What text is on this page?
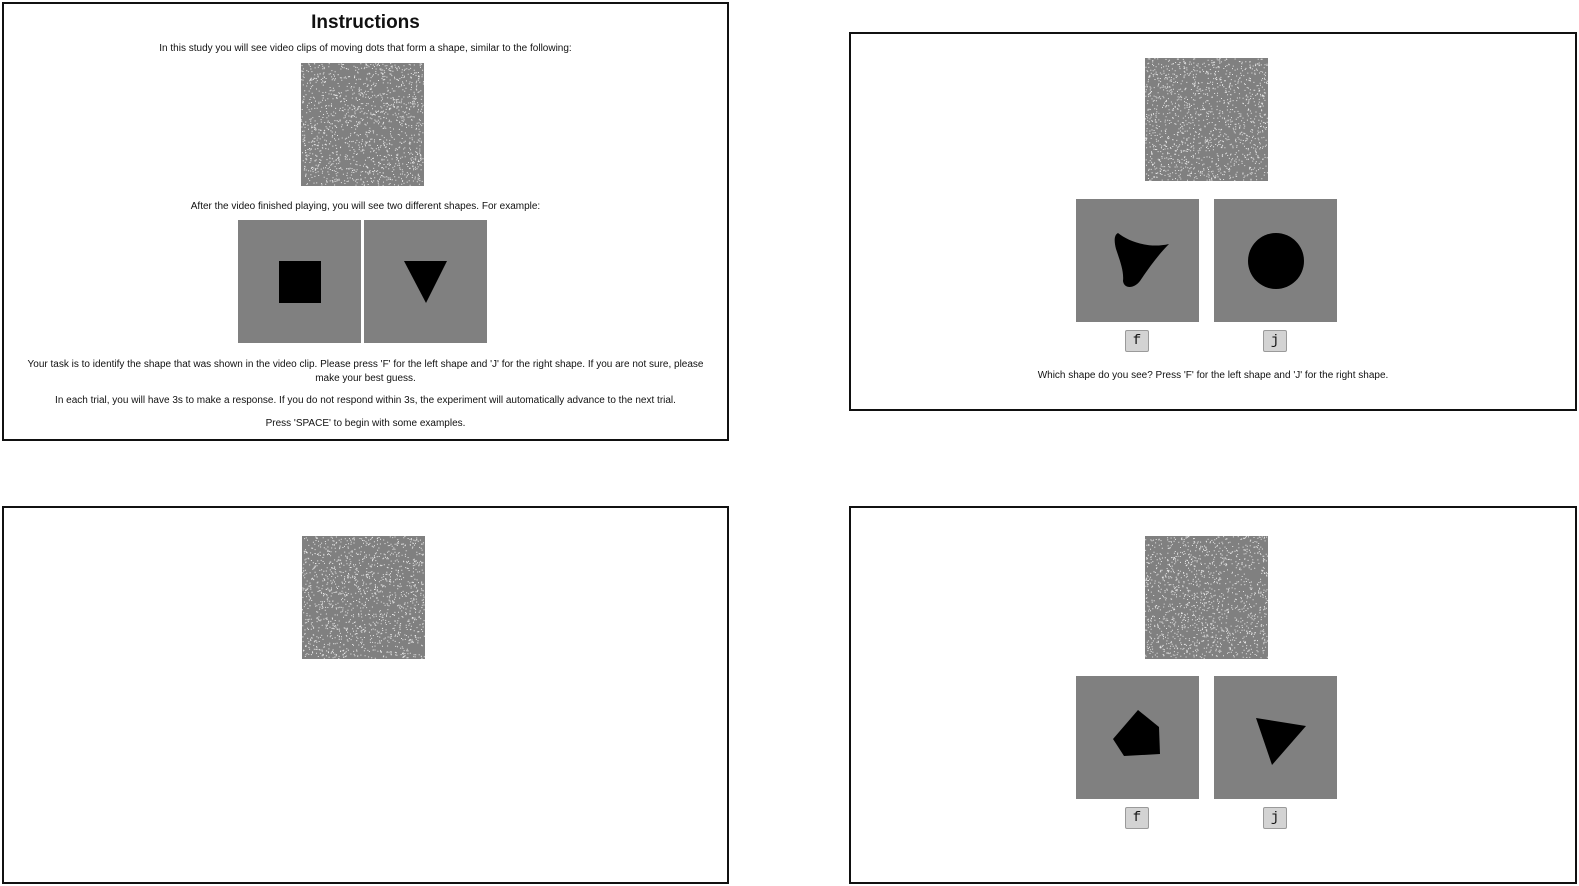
Instructions
In this study you will see video clips of moving dots that form a shape, similar to the following:
After the video finished playing, you will see two different shapes. For example:
Your task is to identify the shape that was shown in the video clip. Please press 'F' for the left shape and 'J' for the right shape. If you are not sure, please make your best guess.
In each trial, you will have 3s to make a response. If you do not respond within 3s, the experiment will automatically advance to the next trial.
Press 'SPACE' to begin with some examples.
f	j
Which shape do you see? Press 'F' for the left shape and 'J' for the right shape.
f	j
